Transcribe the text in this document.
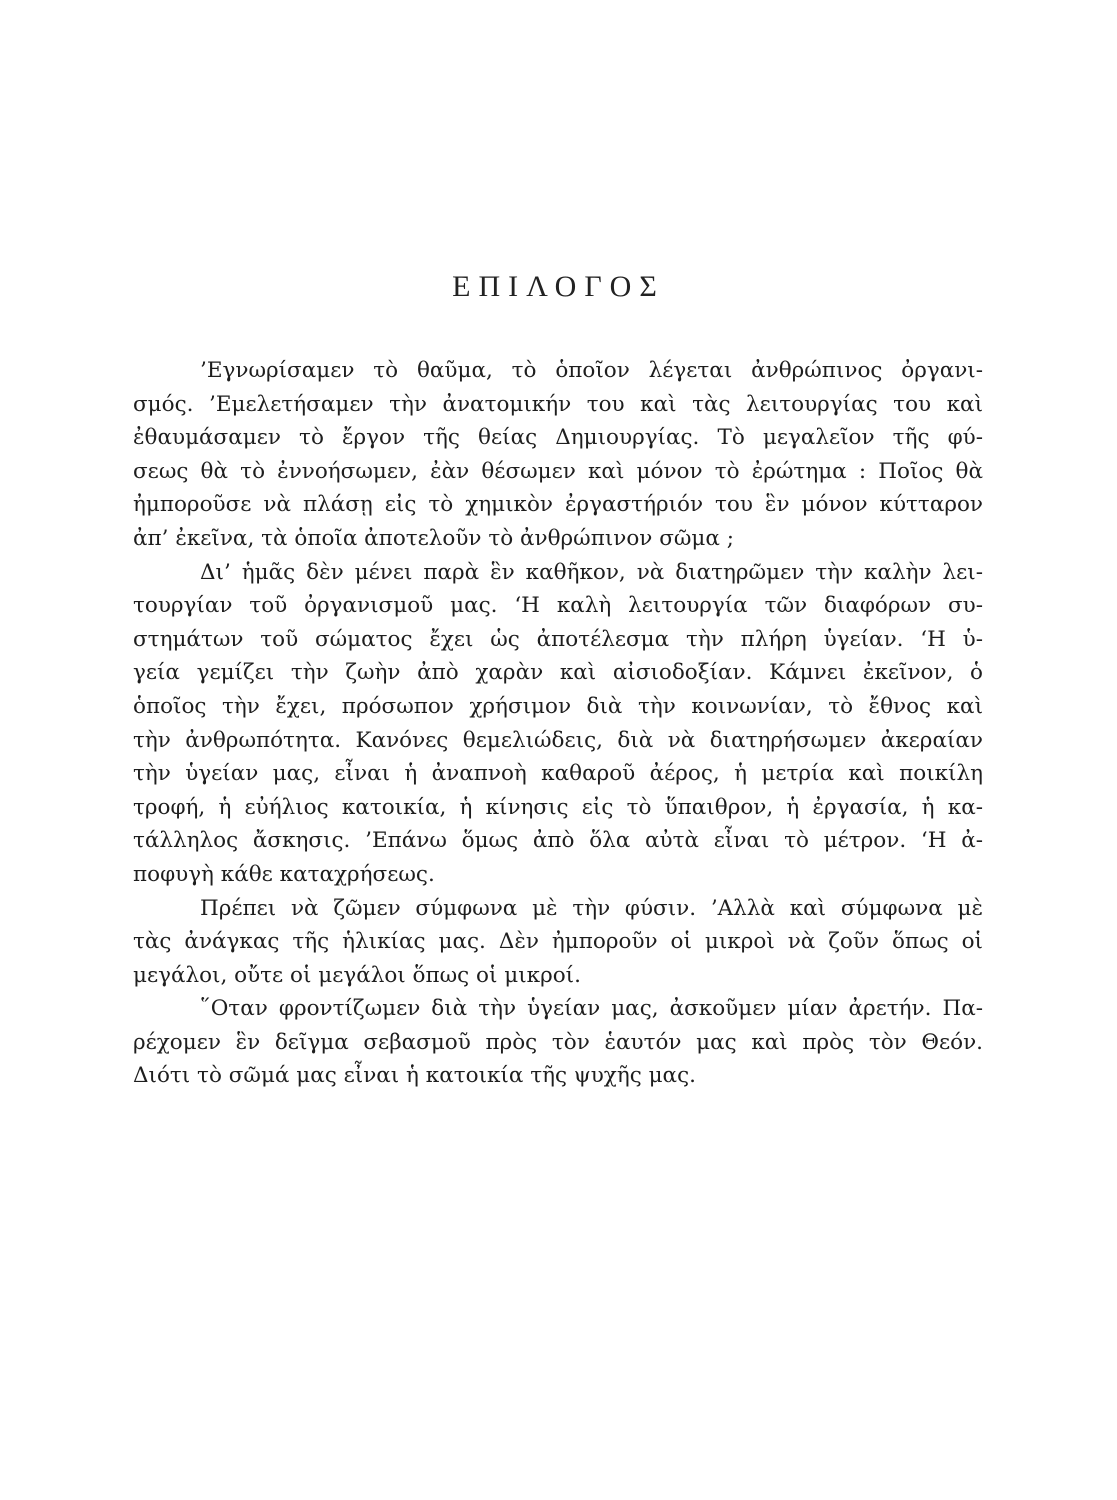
ΕΠΙΛΟΓΟΣ
’Εγνωρίσαμεν τὸ θαῦμα, τὸ ὁποῖον λέγεται ἀνθρώπινος ὀργανι-
σμός. ’Εμελετήσαμεν τὴν ἀνατομικήν του καὶ τὰς λειτουργίας του καὶ
ἐθαυμάσαμεν τὸ ἔργον τῆς θείας Δημιουργίας. Τὸ μεγαλεῖον τῆς φύ-
σεως θὰ τὸ ἐννοήσωμεν, ἐὰν θέσωμεν καὶ μόνον τὸ ἐρώτημα : Ποῖος θὰ
ἠμποροῦσε νὰ πλάσῃ εἰς τὸ χημικὸν ἐργαστήριόν του ἓν μόνον κύτταρον
ἀπ’ ἐκεῖνα, τὰ ὁποῖα ἀποτελοῦν τὸ ἀνθρώπινον σῶμα ;
Δι’ ἡμᾶς δὲν μένει παρὰ ἓν καθῆκον, νὰ διατηρῶμεν τὴν καλὴν λει-
τουργίαν τοῦ ὀργανισμοῦ μας. ‘Η καλὴ λειτουργία τῶν διαφόρων συ-
στημάτων τοῦ σώματος ἔχει ὡς ἀποτέλεσμα τὴν πλήρη ὑγείαν. ‘Η ὑ-
γεία γεμίζει τὴν ζωὴν ἀπὸ χαρὰν καὶ αἰσιοδοξίαν. Κάμνει ἐκεῖνον, ὁ
ὁποῖος τὴν ἔχει, πρόσωπον χρήσιμον διὰ τὴν κοινωνίαν, τὸ ἔθνος καὶ
τὴν ἀνθρωπότητα. Κανόνες θεμελιώδεις, διὰ νὰ διατηρήσωμεν ἀκεραίαν
τὴν ὑγείαν μας, εἶναι ἡ ἀναπνοὴ καθαροῦ ἀέρος, ἡ μετρία καὶ ποικίλη
τροφή, ἡ εὐήλιος κατοικία, ἡ κίνησις εἰς τὸ ὕπαιθρον, ἡ ἐργασία, ἡ κα-
τάλληλος ἄσκησις. ’Επάνω ὅμως ἀπὸ ὅλα αὐτὰ εἶναι τὸ μέτρον. ‘Η ἀ-
ποφυγὴ κάθε καταχρήσεως.
Πρέπει νὰ ζῶμεν σύμφωνα μὲ τὴν φύσιν. ’Αλλὰ καὶ σύμφωνα μὲ
τὰς ἀνάγκας τῆς ἡλικίας μας. Δὲν ἠμποροῦν οἱ μικροὶ νὰ ζοῦν ὅπως οἱ
μεγάλοι, οὔτε οἱ μεγάλοι ὅπως οἱ μικροί.
῞Οταν φροντίζωμεν διὰ τὴν ὑγείαν μας, ἀσκοῦμεν μίαν ἀρετήν. Πα-
ρέχομεν ἓν δεῖγμα σεβασμοῦ πρὸς τὸν ἑαυτόν μας καὶ πρὸς τὸν Θεόν.
Διότι τὸ σῶμά μας εἶναι ἡ κατοικία τῆς ψυχῆς μας.
